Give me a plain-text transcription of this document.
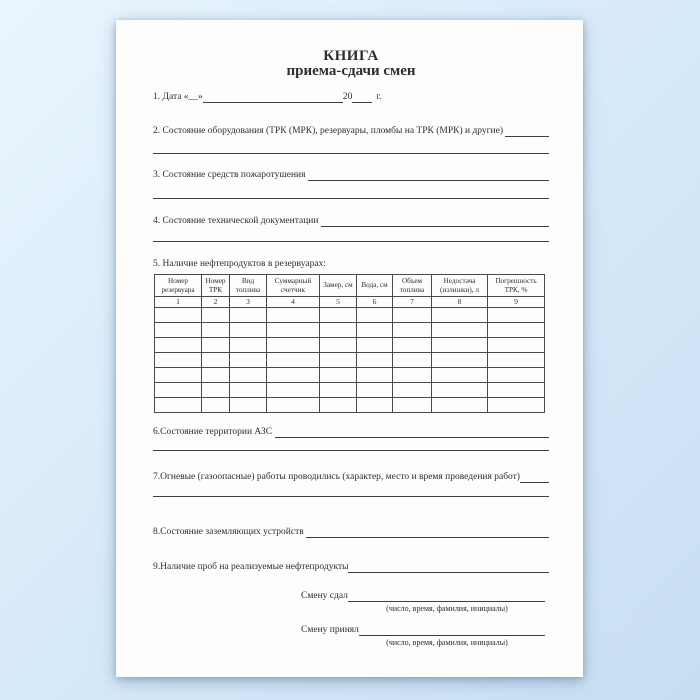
КНИГА
приема-сдачи смен
1. Дата «__»	20	г.
2. Состояние оборудования (ТРК (МРК), резервуары, пломбы на ТРК (МРК) и другие)
3. Состояние средств пожаротушения
4. Состояние технической документации
5. Наличие нефтепродуктов в резервуарах:
Номер резервуара	Номер ТРК	Вид топлива	Суммарный счетчик	Замер, см	Вода, см	Объем топлива	Недостача (излишки), л	Погрешность ТРК, %
1	2	3	4	5	6	7	8	9

6.Состояние территории АЗС
7.Огневые (газоопасные) работы проводились (характер, место и время проведения работ)
8.Состояние заземляющих устройств
9.Наличие проб на реализуемые нефтепродукты
Смену сдал
(число, время, фамилия, инициалы)
Смену принял
(число, время, фамилия, инициалы)
